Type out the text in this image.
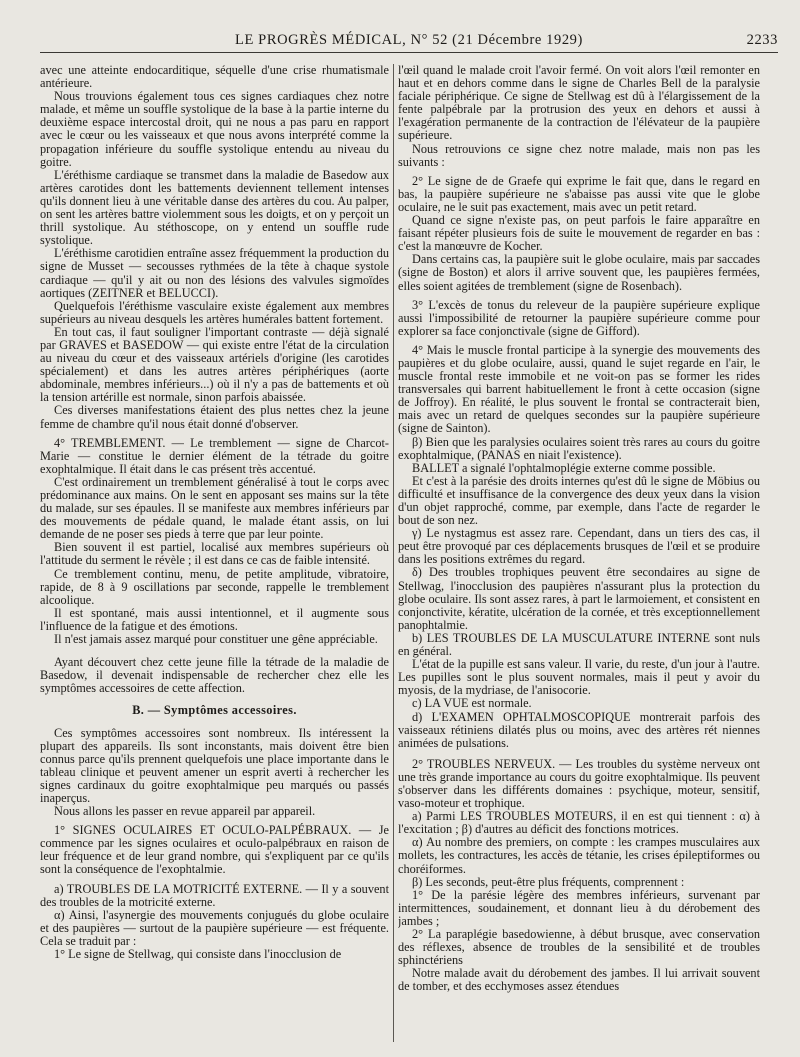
LE PROGRÈS MÉDICAL, N° 52 (21 Décembre 1929)	2233

avec une atteinte endocarditique, séquelle d'une crise rhumatismale antérieure.

Nous trouvions également tous ces signes cardiaques chez notre malade, et même un souffle systolique de la base à la partie interne du deuxième espace intercostal droit, qui ne nous a pas paru en rapport avec le cœur ou les vaisseaux et que nous avons interprété comme la propagation inférieure du souffle systolique entendu au niveau du goitre.

L'éréthisme cardiaque se transmet dans la maladie de Basedow aux artères carotides dont les battements deviennent tellement intenses qu'ils donnent lieu à une véritable danse des artères du cou. Au palper, on sent les artères battre violemment sous les doigts, et on y perçoit un thrill systolique. Au stéthoscope, on y entend un souffle rude systolique.

L'éréthisme carotidien entraîne assez fréquemment la production du signe de Musset — secousses rythmées de la tête à chaque systole cardiaque — qu'il y ait ou non des lésions des valvules sigmoïdes aortiques (ZEITNER et BELUCCI).

Quelquefois l'éréthisme vasculaire existe également aux membres supérieurs au niveau desquels les artères humérales battent fortement.

En tout cas, il faut souligner l'important contraste — déjà signalé par GRAVES et BASEDOW — qui existe entre l'état de la circulation au niveau du cœur et des vaisseaux artériels d'origine (les carotides spécialement) et dans les autres artères périphériques (aorte abdominale, membres inférieurs...) où il n'y a pas de battements et où la tension artérille est normale, sinon parfois abaissée.

Ces diverses manifestations étaient des plus nettes chez la jeune femme de chambre qu'il nous était donné d'observer.

4° TREMBLEMENT. — Le tremblement — signe de Charcot-Marie — constitue le dernier élément de la tétrade du goitre exophtalmique. Il était dans le cas présent très accentué.

C'est ordinairement un tremblement généralisé à tout le corps avec prédominance aux mains. On le sent en apposant ses mains sur la tête du malade, sur ses épaules. Il se manifeste aux membres inférieurs par des mouvements de pédale quand, le malade étant assis, on lui demande de ne poser ses pieds à terre que par leur pointe.

Bien souvent il est partiel, localisé aux membres supérieurs où l'attitude du serment le révèle ; il est dans ce cas de faible intensité.

Ce tremblement continu, menu, de petite amplitude, vibratoire, rapide, de 8 à 9 oscillations par seconde, rappelle le tremblement alcoolique.

Il est spontané, mais aussi intentionnel, et il augmente sous l'influence de la fatigue et des émotions.

Il n'est jamais assez marqué pour constituer une gêne appréciable.

Ayant découvert chez cette jeune fille la tétrade de la maladie de Basedow, il devenait indispensable de rechercher chez elle les symptômes accessoires de cette affection.

B. — Symptômes accessoires.

Ces symptômes accessoires sont nombreux. Ils intéressent la plupart des appareils. Ils sont inconstants, mais doivent être bien connus parce qu'ils prennent quelquefois une place importante dans le tableau clinique et peuvent amener un esprit averti à rechercher les signes cardinaux du goitre exophtalmique peu marqués ou passés inaperçus.

Nous allons les passer en revue appareil par appareil.

1° SIGNES OCULAIRES ET OCULO-PALPÉBRAUX. — Je commence par les signes oculaires et oculo-palpébraux en raison de leur fréquence et de leur grand nombre, qui s'expliquent par ce qu'ils sont la conséquence de l'exophtalmie.

a) TROUBLES DE LA MOTRICITÉ EXTERNE. — Il y a souvent des troubles de la motricité externe.

α) Ainsi, l'asynergie des mouvements conjugués du globe oculaire et des paupières — surtout de la paupière supérieure — est fréquente. Cela se traduit par :

1° Le signe de Stellwag, qui consiste dans l'inocclusion de

l'œil quand le malade croit l'avoir fermé. On voit alors l'œil remonter en haut et en dehors comme dans le signe de Charles Bell de la paralysie faciale périphérique. Ce signe de Stellwag est dû à l'élargissement de la fente palpébrale par la protrusion des yeux en dehors et aussi à l'exagération permanente de la contraction de l'élévateur de la paupière supérieure.

Nous retrouvions ce signe chez notre malade, mais non pas les suivants :

2° Le signe de de Graefe qui exprime le fait que, dans le regard en bas, la paupière supérieure ne s'abaisse pas aussi vite que le globe oculaire, ne le suit pas exactement, mais avec un petit retard.

Quand ce signe n'existe pas, on peut parfois le faire apparaître en faisant répéter plusieurs fois de suite le mouvement de regarder en bas : c'est la manœuvre de Kocher.

Dans certains cas, la paupière suit le globe oculaire, mais par saccades (signe de Boston) et alors il arrive souvent que, les paupières fermées, elles soient agitées de tremblement (signe de Rosenbach).

3° L'excès de tonus du releveur de la paupière supérieure explique aussi l'impossibilité de retourner la paupière supérieure comme pour explorer sa face conjonctivale (signe de Gifford).

4° Mais le muscle frontal participe à la synergie des mouvements des paupières et du globe oculaire, aussi, quand le sujet regarde en l'air, le muscle frontal reste immobile et ne voit-on pas se former les rides transversales qui barrent habituellement le front à cette occasion (signe de Joffroy). En réalité, le plus souvent le frontal se contracterait bien, mais avec un retard de quelques secondes sur la paupière supérieure (signe de Sainton).

β) Bien que les paralysies oculaires soient très rares au cours du goitre exophtalmique, (PANAS en niait l'existence).

BALLET a signalé l'ophtalmoplégie externe comme possible.

Et c'est à la parésie des droits internes qu'est dû le signe de Möbius ou difficulté et insuffisance de la convergence des deux yeux dans la vision d'un objet rapproché, comme, par exemple, dans l'acte de regarder le bout de son nez.

γ) Le nystagmus est assez rare. Cependant, dans un tiers des cas, il peut être provoqué par ces déplacements brusques de l'œil et se produire dans les positions extrêmes du regard.

δ) Des troubles trophiques peuvent être secondaires au signe de Stellwag, l'inocclusion des paupières n'assurant plus la protection du globe oculaire. Ils sont assez rares, à part le larmoiement, et consistent en conjonctivite, kératite, ulcération de la cornée, et très exceptionnellement panophtalmie.

b) LES TROUBLES DE LA MUSCULATURE INTERNE sont nuls en général.

L'état de la pupille est sans valeur. Il varie, du reste, d'un jour à l'autre. Les pupilles sont le plus souvent normales, mais il peut y avoir du myosis, de la mydriase, de l'anisocorie.

c) LA VUE est normale.

d) L'EXAMEN OPHTALMOSCOPIQUE montrerait parfois des vaisseaux rétiniens dilatés plus ou moins, avec des artères rét niennes animées de pulsations.

2° TROUBLES NERVEUX. — Les troubles du système nerveux ont une très grande importance au cours du goitre exophtalmique. Ils peuvent s'observer dans les différents domaines : psychique, moteur, sensitif, vaso-moteur et trophique.

a) Parmi LES TROUBLES MOTEURS, il en est qui tiennent : α) à l'excitation ; β) d'autres au déficit des fonctions motrices.

α) Au nombre des premiers, on compte : les crampes musculaires aux mollets, les contractures, les accès de tétanie, les crises épileptiformes ou choréiformes.

β) Les seconds, peut-être plus fréquents, comprennent :

1° De la parésie légère des membres inférieurs, survenant par intermittences, soudainement, et donnant lieu à du dérobement des jambes ;

2° La paraplégie basedowienne, à début brusque, avec conservation des réflexes, absence de troubles de la sensibilité et de troubles sphinctériens

Notre malade avait du dérobement des jambes. Il lui arrivait souvent de tomber, et des ecchymoses assez étendues
